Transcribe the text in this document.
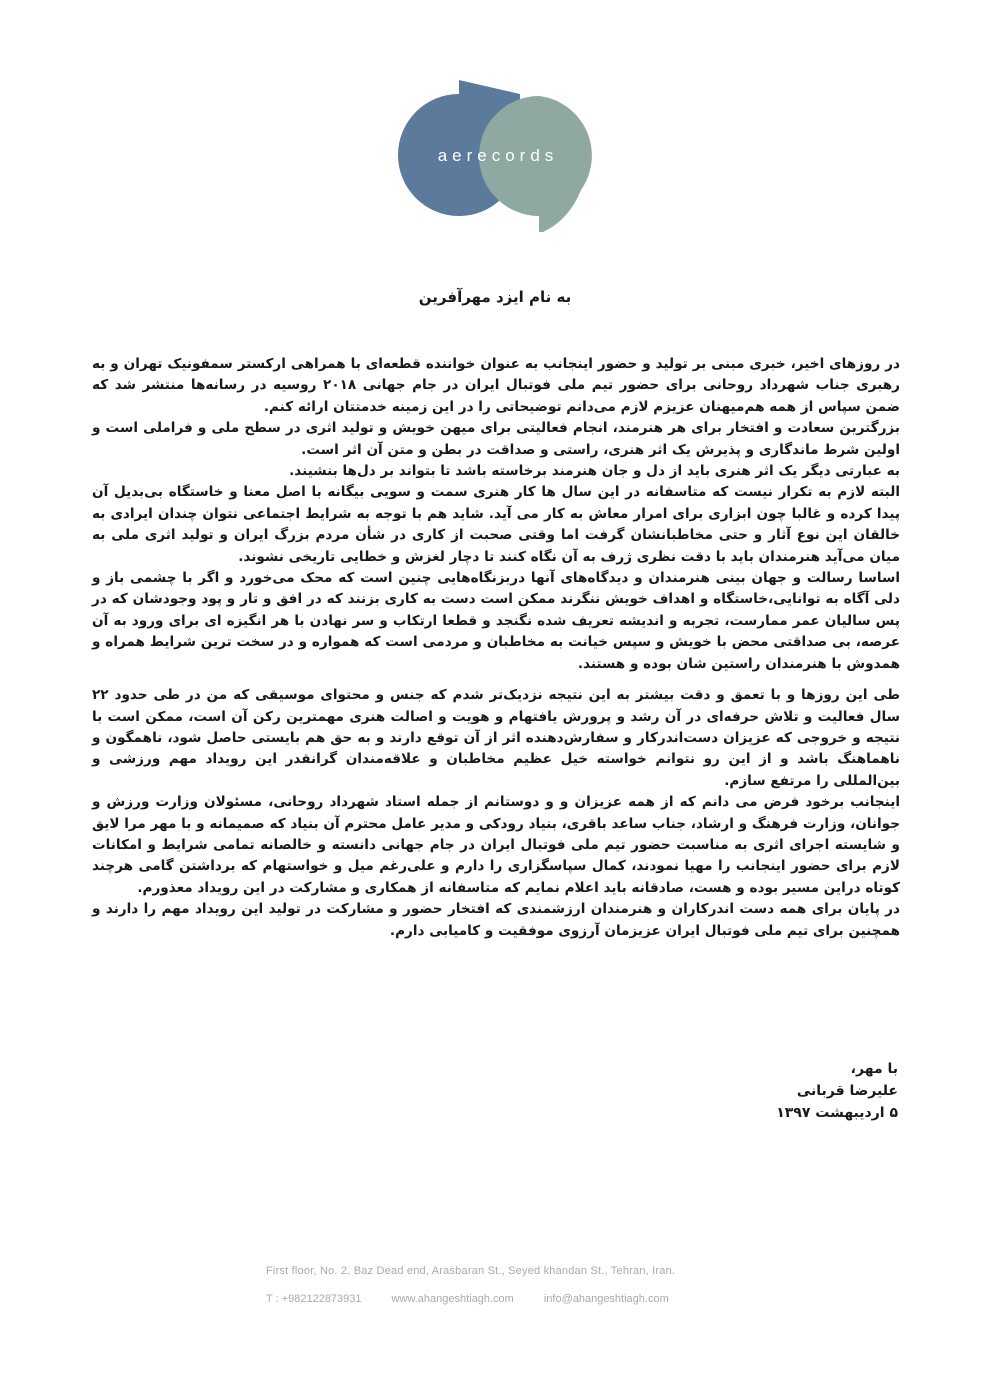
aerecords
به نام ایزد مهرآفرین

در روزهای اخیر، خبری مبنی بر تولید و حضور اینجانب به عنوان خواننده قطعه‌ای با همراهی ارکستر سمفونیک تهران و به رهبری جناب شهرداد روحانی برای حضور تیم ملی فوتبال ایران در جام جهانی ۲۰۱۸ روسیه در رسانه‌ها منتشر شد که ضمن سپاس از همه هم‌میهنان عزیزم لازم می‌دانم توضیحاتی را در این زمینه خدمتتان ارائه کنم.

بزرگترین سعادت و افتخار برای هر هنرمند، انجام فعالیتی برای میهن خویش و تولید اثری در سطح ملی و فراملی است و اولین شرط ماندگاری و پذیرش یک اثر هنری، راستی و صداقت در بطن و متن آن اثر است.

به عبارتی دیگر یک اثر هنری باید از دل و جان هنرمند برخاسته باشد تا بتواند بر دل‌ها بنشیند.

البته لازم به تکرار نیست که متاسفانه در این سال ها کار هنری سمت و سویی بیگانه با اصل معنا و خاستگاه بی‌بدیل آن پیدا کرده و غالبا چون ابزاری برای امرار معاش به کار می آید. شاید هم با توجه به شرایط اجتماعی نتوان چندان ایرادی به خالقان این نوع آثار و حتی مخاطبانشان گرفت اما وقتی صحبت از کاری در شأن مردم بزرگ ایران و تولید اثری ملی به میان می‌آید هنرمندان باید با دقت نظری ژرف به آن نگاه کنند تا دچار لغزش و خطایی تاریخی نشوند.

اساسا رسالت و جهان بینی هنرمندان و دیدگاه‌های آنها دربزنگاه‌هایی چنین است که محک می‌خورد و اگر با چشمی باز و دلی آگاه به توانایی،خاستگاه و اهداف خویش ننگرند ممکن است دست به کاری بزنند که در افق و تار و پود وجودشان که در پس سالیان عمر ممارست، تجربه و اندیشه تعریف شده نگنجد و قطعا ارتکاب و سر نهادن با هر انگیزه ای برای ورود به آن عرصه، بی صداقتی محض با خویش و سپس خیانت به مخاطبان و مردمی است که همواره و در سخت ترین شرایط همراه و همدوش با هنرمندان راستین شان بوده و هستند.

طی این روزها و با تعمق و دقت بیشتر به این نتیجه نزدیک‌تر شدم که جنس و محتوای موسیقی که من در طی حدود ۲۲ سال فعالیت و تلاش حرفه‌ای در آن رشد و پرورش یافتهام و هویت و اصالت هنری مهمترین رکن آن است، ممکن است با نتیجه و خروجی که عزیزان دست‌اندرکار و سفارش‌دهنده اثر از آن توقع دارند و به حق هم بایستی حاصل شود، ناهمگون و ناهماهنگ باشد و از این رو نتوانم خواسته خیل عظیم مخاطبان و علاقه‌مندان گرانقدر این رویداد مهم ورزشی و بین‌المللی را مرتفع سازم.

اینجانب برخود فرض می دانم که از همه عزیزان و و دوستانم از جمله استاد شهرداد روحانی، مسئولان وزارت ورزش و جوانان، وزارت فرهنگ و ارشاد، جناب ساعد باقری، بنیاد رودکی و مدیر عامل محترم آن بنیاد که صمیمانه و با مهر مرا لایق و شایسته اجرای اثری به مناسبت حضور تیم ملی فوتبال ایران در جام جهانی دانسته و خالصانه تمامی شرایط و امکانات لازم برای حضور اینجانب را مهیا نمودند، کمال سپاسگزاری را دارم و علی‌رغم میل و خواستهام که برداشتن گامی هرچند کوتاه دراین مسیر بوده و هست، صادقانه باید اعلام نمایم که متاسفانه از همکاری و مشارکت در این رویداد معذورم.

در پایان برای همه دست اندرکاران و هنرمندان ارزشمندی که افتخار حضور و مشارکت در تولید این رویداد مهم را دارند و همچنین برای تیم ملی فوتبال ایران عزیزمان آرزوی موفقیت و کامیابی دارم.

با مهر،
علیرضا قربانی
۵ اردیبهشت ۱۳۹۷
First floor, No. 2, Baz Dead end, Arasbaran St., Seyed khandan St., Tehran, Iran.
T : +982122873931	www.ahangeshtiagh.com	info@ahangeshtiagh.com
